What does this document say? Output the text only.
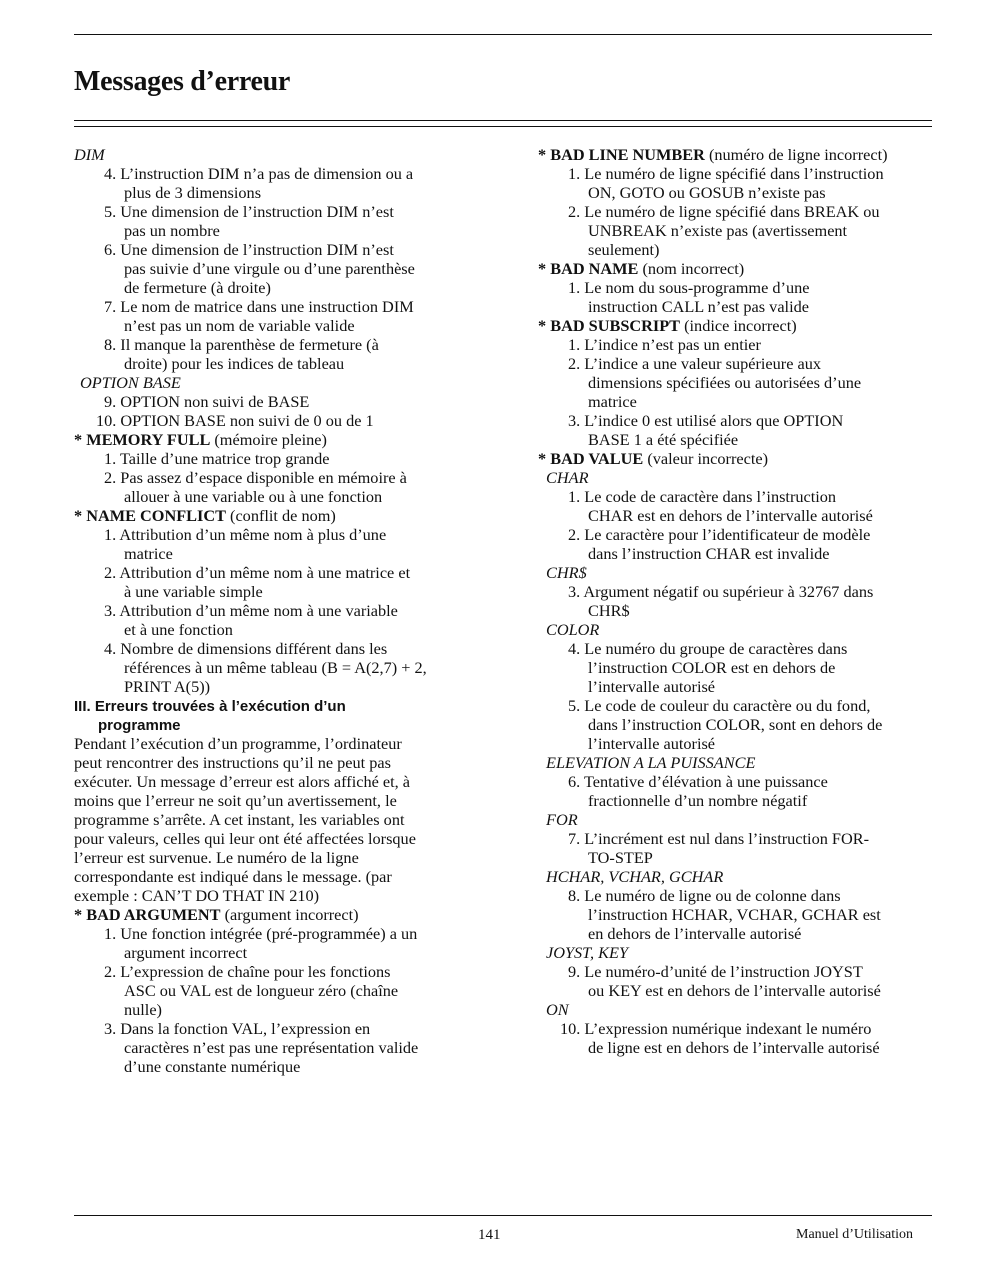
Messages d’erreur
DIM
4. L’instruction DIM n’a pas de dimension ou a
plus de 3 dimensions
5. Une dimension de l’instruction DIM n’est
pas un nombre
6. Une dimension de l’instruction DIM n’est
pas suivie d’une virgule ou d’une parenthèse
de fermeture (à droite)
7. Le nom de matrice dans une instruction DIM
n’est pas un nom de variable valide
8. Il manque la parenthèse de fermeture (à
droite) pour les indices de tableau
OPTION BASE
9. OPTION non suivi de BASE
10. OPTION BASE non suivi de 0 ou de 1
* MEMORY FULL (mémoire pleine)
1. Taille d’une matrice trop grande
2. Pas assez d’espace disponible en mémoire à
allouer à une variable ou à une fonction
* NAME CONFLICT (conflit de nom)
1. Attribution d’un même nom à plus d’une
matrice
2. Attribution d’un même nom à une matrice et
à une variable simple
3. Attribution d’un même nom à une variable
et à une fonction
4. Nombre de dimensions différent dans les
références à un même tableau (B = A(2,7) + 2,
PRINT A(5))
III. Erreurs trouvées à l’exécution d’un
programme
Pendant l’exécution d’un programme, l’ordinateur
peut rencontrer des instructions qu’il ne peut pas
exécuter. Un message d’erreur est alors affiché et, à
moins que l’erreur ne soit qu’un avertissement, le
programme s’arrête. A cet instant, les variables ont
pour valeurs, celles qui leur ont été affectées lorsque
l’erreur est survenue. Le numéro de la ligne
correspondante est indiqué dans le message. (par
exemple : CAN’T DO THAT IN 210)
* BAD ARGUMENT (argument incorrect)
1. Une fonction intégrée (pré-programmée) a un
argument incorrect
2. L’expression de chaîne pour les fonctions
ASC ou VAL est de longueur zéro (chaîne
nulle)
3. Dans la fonction VAL, l’expression en
caractères n’est pas une représentation valide
d’une constante numérique
* BAD LINE NUMBER (numéro de ligne incorrect)
1. Le numéro de ligne spécifié dans l’instruction
ON, GOTO ou GOSUB n’existe pas
2. Le numéro de ligne spécifié dans BREAK ou
UNBREAK n’existe pas (avertissement
seulement)
* BAD NAME (nom incorrect)
1. Le nom du sous-programme d’une
instruction CALL n’est pas valide
* BAD SUBSCRIPT (indice incorrect)
1. L’indice n’est pas un entier
2. L’indice a une valeur supérieure aux
dimensions spécifiées ou autorisées d’une
matrice
3. L’indice 0 est utilisé alors que OPTION
BASE 1 a été spécifiée
* BAD VALUE (valeur incorrecte)
CHAR
1. Le code de caractère dans l’instruction
CHAR est en dehors de l’intervalle autorisé
2. Le caractère pour l’identificateur de modèle
dans l’instruction CHAR est invalide
CHR$
3. Argument négatif ou supérieur à 32767 dans
CHR$
COLOR
4. Le numéro du groupe de caractères dans
l’instruction COLOR est en dehors de
l’intervalle autorisé
5. Le code de couleur du caractère ou du fond,
dans l’instruction COLOR, sont en dehors de
l’intervalle autorisé
ELEVATION A LA PUISSANCE
6. Tentative d’élévation à une puissance
fractionnelle d’un nombre négatif
FOR
7. L’incrément est nul dans l’instruction FOR-
TO-STEP
HCHAR, VCHAR, GCHAR
8. Le numéro de ligne ou de colonne dans
l’instruction HCHAR, VCHAR, GCHAR est
en dehors de l’intervalle autorisé
JOYST, KEY
9. Le numéro-d’unité de l’instruction JOYST
ou KEY est en dehors de l’intervalle autorisé
ON
10. L’expression numérique indexant le numéro
de ligne est en dehors de l’intervalle autorisé
141	Manuel d’Utilisation
